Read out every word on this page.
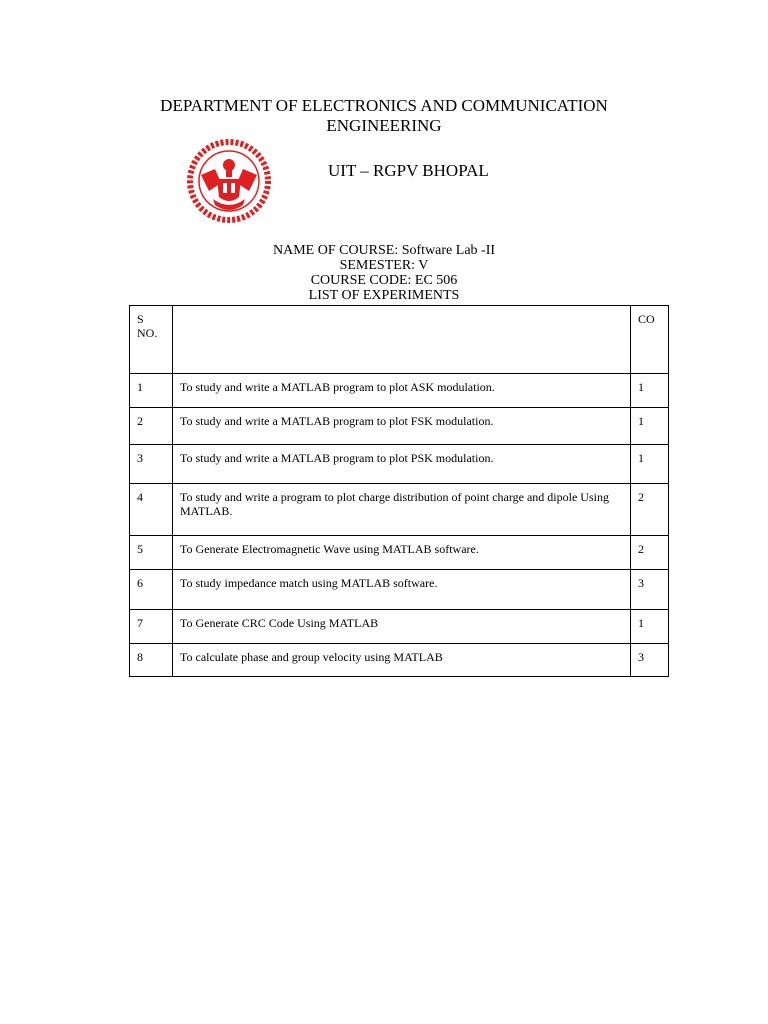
DEPARTMENT OF ELECTRONICS AND COMMUNICATION
ENGINEERING
UIT – RGPV BHOPAL
NAME OF COURSE: Software Lab -II
SEMESTER: V
COURSE CODE: EC 506
LIST OF EXPERIMENTS
S
NO.		CO
1	To study and write a MATLAB program to plot ASK modulation.	1
2	To study and write a MATLAB program to plot FSK modulation.	1
3	To study and write a MATLAB program to plot PSK modulation.	1
4	To study and write a program to plot charge distribution of point charge and dipole Using MATLAB.	2
5	To Generate Electromagnetic Wave using MATLAB software.	2
6	To study impedance match using MATLAB software.	3
7	To Generate CRC Code Using MATLAB	1
8	To calculate phase and group velocity using MATLAB	3
